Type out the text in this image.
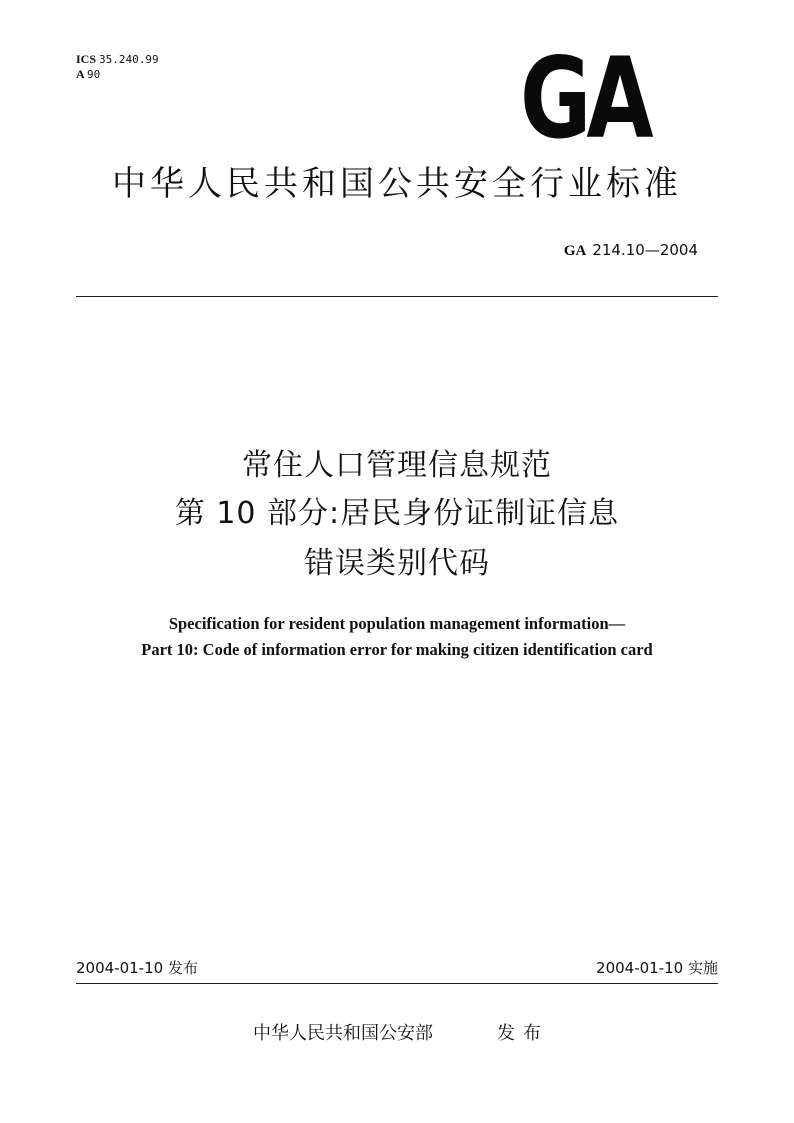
ICS 35.240.99
A 90	GA
中华人民共和国公共安全行业标准
GA 214.10—2004
常住人口管理信息规范
第 10 部分:居民身份证制证信息
错误类别代码
Specification for resident population management information—
Part 10: Code of information error for making citizen identification card
2004-01-10 发布	2004-01-10 实施
中华人民共和国公安部	发布
